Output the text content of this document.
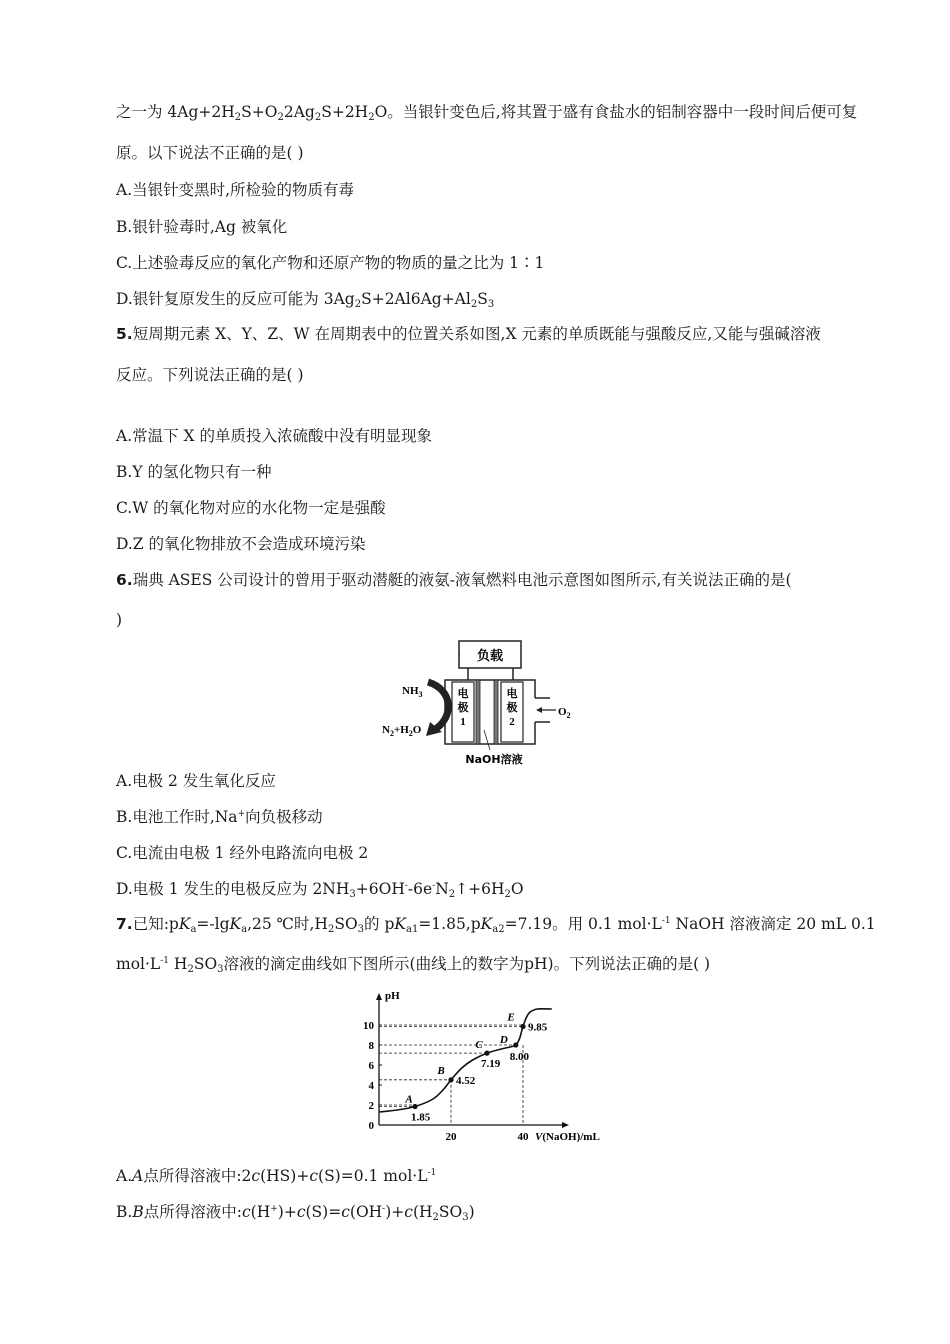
之一为 $4Ag+2H_2S+O_22Ag_2S+2H_2O$。当银针变色后,将其置于盛有食盐水的铝制容器中一段时间后便可复
原。以下说法不正确的是( )
A.当银针变黑时,所检验的物质有毒
B.银针验毒时,Ag 被氧化
C.上述验毒反应的氧化产物和还原产物的物质的量之比为 1∶1
D.银针复原发生的反应可能为 $3Ag_2S+2Al6Ag+Al_2S_3$
5.短周期元素 X、Y、Z、W 在周期表中的位置关系如图,X 元素的单质既能与强酸反应,又能与强碱溶液
反应。下列说法正确的是( )
A.常温下 X 的单质投入浓硫酸中没有明显现象
B.Y 的氢化物只有一种
C.W 的氧化物对应的水化物一定是强酸
D.Z 的氧化物排放不会造成环境污染
6.瑞典 ASES 公司设计的曾用于驱动潜艇的液氨-液氧燃料电池示意图如图所示,有关说法正确的是(
)
负载
电
极
1
电
极
2
$O_2$
$NH_3$
$N_2+H_2O$
NaOH溶液
A.电极 2 发生氧化反应
B.电池工作时,Na+向负极移动
C.电流由电极 1 经外电路流向电极 2
D.电极 1 发生的电极反应为 $2NH_3+6OH^--6e^-N_2↑+6H_2O$
7.已知$:pK_a=-\lg K_a,25$ ℃时$,H_2SO_3$的 $pK_{a1}=1.85,pK_{a2}=7.19$。用 0.1 $mol\cdot L^{-1}$ NaOH 溶液滴定 20 mL 0.1
$mol\cdot L^{-1}$ $H_2SO_3$溶液的滴定曲线如下图所示(曲线上的数字为pH)。下列说法正确的是( )
pH
V(NaOH)/mL
2
4
6
8
10
0
20	40
A
1.85
B
4.52
C
7.19
D
8.00
E
9.85
A.A点所得溶液中:2c(HS)+c(S)=0.1 $mol\cdot L^{-1}$
B.B点所得溶液中$:c(H^+)+c(S)=c(OH^-)+c(H_2SO_3)$
